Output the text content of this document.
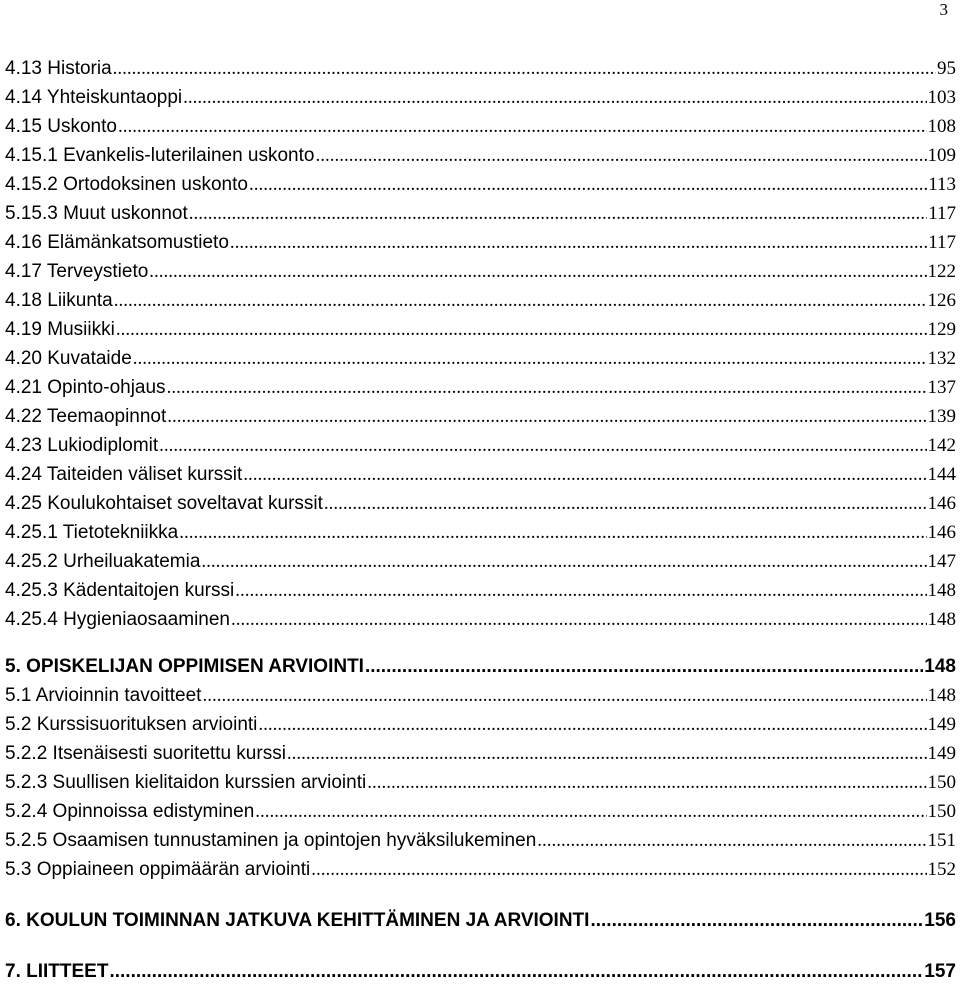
3
4.13 Historia .....	95
4.14 Yhteiskuntaoppi .....	103
4.15 Uskonto .....	108
4.15.1 Evankelis-luterilainen uskonto .....	109
4.15.2 Ortodoksinen uskonto .....	113
5.15.3 Muut uskonnot .....	117
4.16 Elämänkatsomustieto .....	117
4.17 Terveystieto .....	122
4.18 Liikunta .....	126
4.19 Musiikki .....	129
4.20 Kuvataide .....	132
4.21 Opinto-ohjaus .....	137
4.22 Teemaopinnot .....	139
4.23 Lukiodiplomit .....	142
4.24 Taiteiden väliset kurssit .....	144
4.25 Koulukohtaiset soveltavat kurssit .....	146
4.25.1 Tietotekniikka .....	146
4.25.2 Urheiluakatemia .....	147
4.25.3 Kädentaitojen kurssi .....	148
4.25.4 Hygieniaosaaminen .....	148
5. OPISKELIJAN OPPIMISEN ARVIOINTI .....	148
5.1 Arvioinnin tavoitteet .....	148
5.2 Kurssisuorituksen arviointi .....	149
5.2.2 Itsenäisesti suoritettu kurssi .....	149
5.2.3 Suullisen kielitaidon kurssien arviointi .....	150
5.2.4 Opinnoissa edistyminen .....	150
5.2.5 Osaamisen tunnustaminen ja opintojen hyväksilukeminen .....	151
5.3 Oppiaineen oppimäärän arviointi .....	152
6. KOULUN TOIMINNAN JATKUVA KEHITTÄMINEN JA ARVIOINTI .....	156
7. LIITTEET .....	157
